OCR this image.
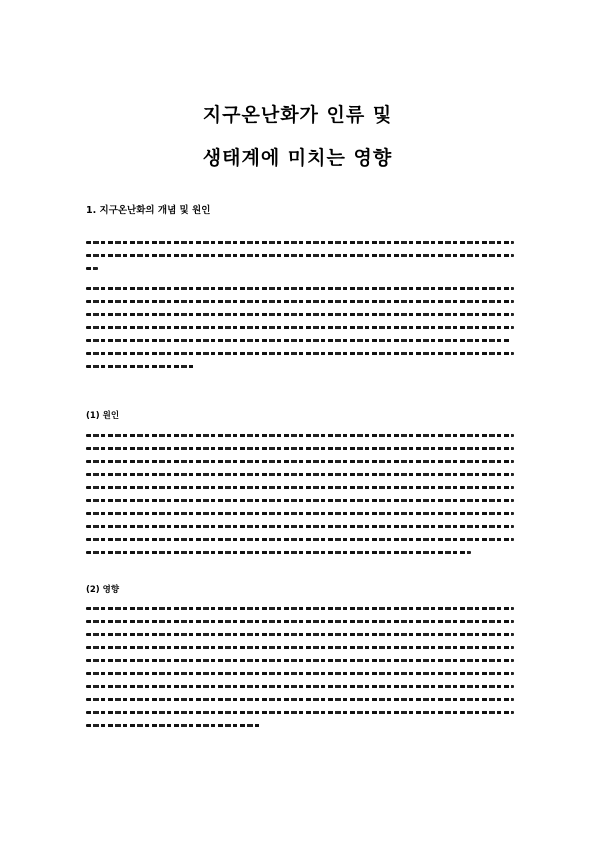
지구온난화가 인류 및
생태계에 미치는 영향
1. 지구온난화의 개념 및 원인
(1) 원인
(2) 영향
